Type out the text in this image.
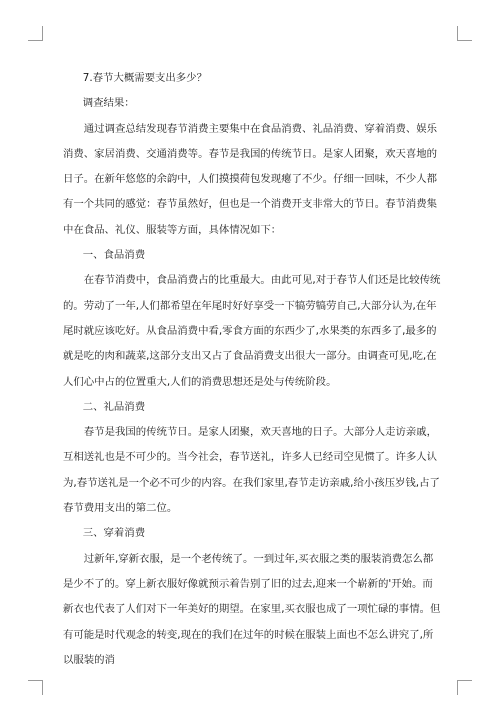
7.春节大概需要支出多少？

调查结果：

通过调查总结发现春节消费主要集中在食品消费、礼品消费、穿着消费、娱乐消费、家居消费、交通消费等。春节是我国的传统节日。是家人团聚，欢天喜地的日子。在新年悠悠的余韵中，人们摸摸荷包发现瘪了不少。仔细一回味，不少人都有一个共同的感觉：春节虽然好，但也是一个消费开支非常大的节日。春节消费集中在食品、礼仪、服装等方面，具体情况如下：

一、食品消费

在春节消费中，食品消费占的比重最大。由此可见,对于春节人们还是比较传统的。劳动了一年,人们都希望在年尾时好好享受一下犒劳犒劳自己,大部分认为,在年尾时就应该吃好。从食品消费中看,零食方面的东西少了,水果类的东西多了,最多的就是吃的肉和蔬菜,这部分支出又占了食品消费支出很大一部分。由调查可见,吃,在人们心中占的位置重大,人们的消费思想还是处与传统阶段。

二、礼品消费

春节是我国的传统节日。是家人团聚，欢天喜地的日子。大部分人走访亲戚，互相送礼也是不可少的。当今社会，春节送礼，许多人已经司空见惯了。许多人认为,春节送礼是一个必不可少的内容。在我们家里,春节走访亲戚,给小孩压岁钱,占了春节费用支出的第二位。

三、穿着消费

过新年,穿新衣服，是一个老传统了。一到过年,买衣服之类的服装消费怎么都是少不了的。穿上新衣服好像就预示着告别了旧的过去,迎来一个崭新的'开始。而新衣也代表了人们对下一年美好的期望。在家里,买衣服也成了一项忙碌的事情。但有可能是时代观念的转变,现在的我们在过年的时候在服装上面也不怎么讲究了,所以服装的消
